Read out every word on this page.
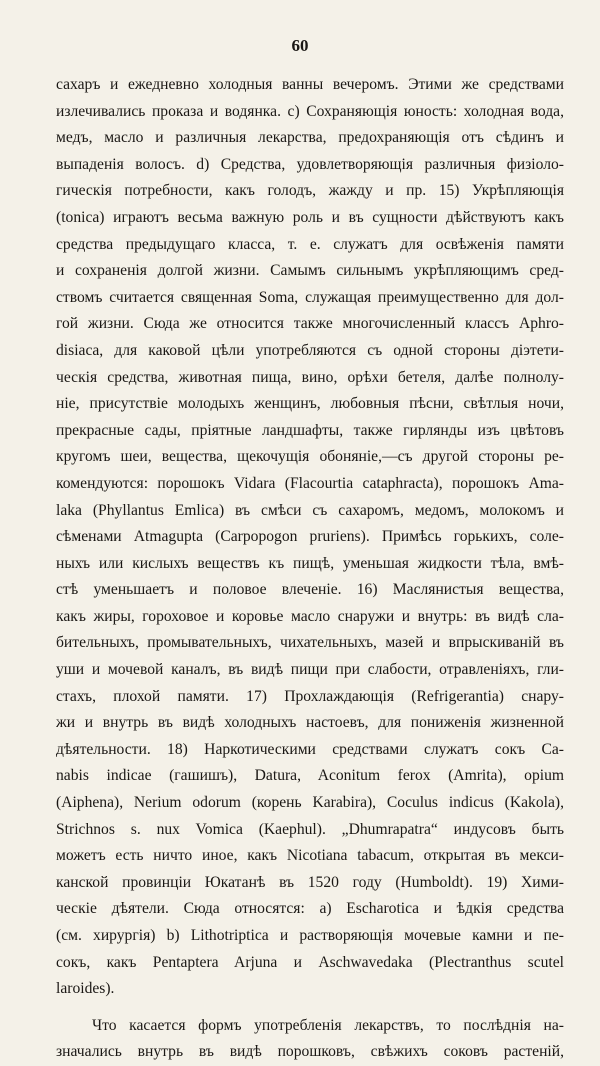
60
сахаръ и ежедневно холодныя ванны вечеромъ. Этими же средствами
излечивались проказа и водянка. c) Сохраняющія юность: холодная вода,
медъ, масло и различныя лекарства, предохраняющія отъ сѣдинъ и
выпаденія волосъ. d) Средства, удовлетворяющія различныя физіоло-
гическія потребности, какъ голодъ, жажду и пр. 15) Укрѣпляющія
(tonica) играютъ весьма важную роль и въ сущности дѣйствуютъ какъ
средства предыдущаго класса, т. е. служатъ для освѣженія памяти
и сохраненія долгой жизни. Самымъ сильнымъ укрѣпляющимъ сред-
ствомъ считается священная Soma, служащая преимущественно для дол-
гой жизни. Сюда же относится также многочисленный классъ Aphro-
disiaca, для каковой цѣли употребляются съ одной стороны діэтети-
ческія средства, животная пища, вино, орѣхи бетеля, далѣе полнолу-
ніе, присутствіе молодыхъ женщинъ, любовныя пѣсни, свѣтлыя ночи,
прекрасные сады, пріятные ландшафты, также гирлянды изъ цвѣтовъ
кругомъ шеи, вещества, щекочущія обоняніе,—съ другой стороны ре-
комендуются: порошокъ Vidara (Flacourtia cataphracta), порошокъ Ama-
laka (Phyllantus Emlica) въ смѣси съ сахаромъ, медомъ, молокомъ и
сѣменами Atmagupta (Carpopogon pruriens). Примѣсь горькихъ, соле-
ныхъ или кислыхъ веществъ къ пищѣ, уменьшая жидкости тѣла, вмѣ-
стѣ уменьшаетъ и половое влеченіе. 16) Маслянистыя вещества,
какъ жиры, гороховое и коровье масло снаружи и внутрь: въ видѣ сла-
бительныхъ, промывательныхъ, чихательныхъ, мазей и впрыскиваній въ
уши и мочевой каналъ, въ видѣ пищи при слабости, отравленіяхъ, гли-
стахъ, плохой памяти. 17) Прохлаждающія (Refrigerantia) снару-
жи и внутрь въ видѣ холодныхъ настоевъ, для пониженія жизненной
дѣятельности. 18) Наркотическими средствами служатъ сокъ Ca-
nabis indicae (гашишъ), Datura, Aconitum ferox (Amrita), opium
(Aiphena), Nerium odorum (корень Karabira), Coculus indicus (Kakola),
Strichnos s. nux Vomica (Kaephul). „Dhumrapatra“ индусовъ быть
можетъ есть ничто иное, какъ Nicotiana tabacum, открытая въ мекси-
канской провинціи Юкатанѣ въ 1520 году (Humboldt). 19) Хими-
ческіе дѣятели. Сюда относятся: a) Escharotica и ѣдкія средства
(см. хирургія) b) Lithotriptica и растворяющія мочевые камни и пе-
сокъ, какъ Pentaptera Arjuna и Aschwavedaka (Plectranthus scutel
laroides).
Что касается формъ употребленія лекарствъ, то послѣднія на-
значались внутрь въ видѣ порошковъ, свѣжихъ соковъ растеній,
